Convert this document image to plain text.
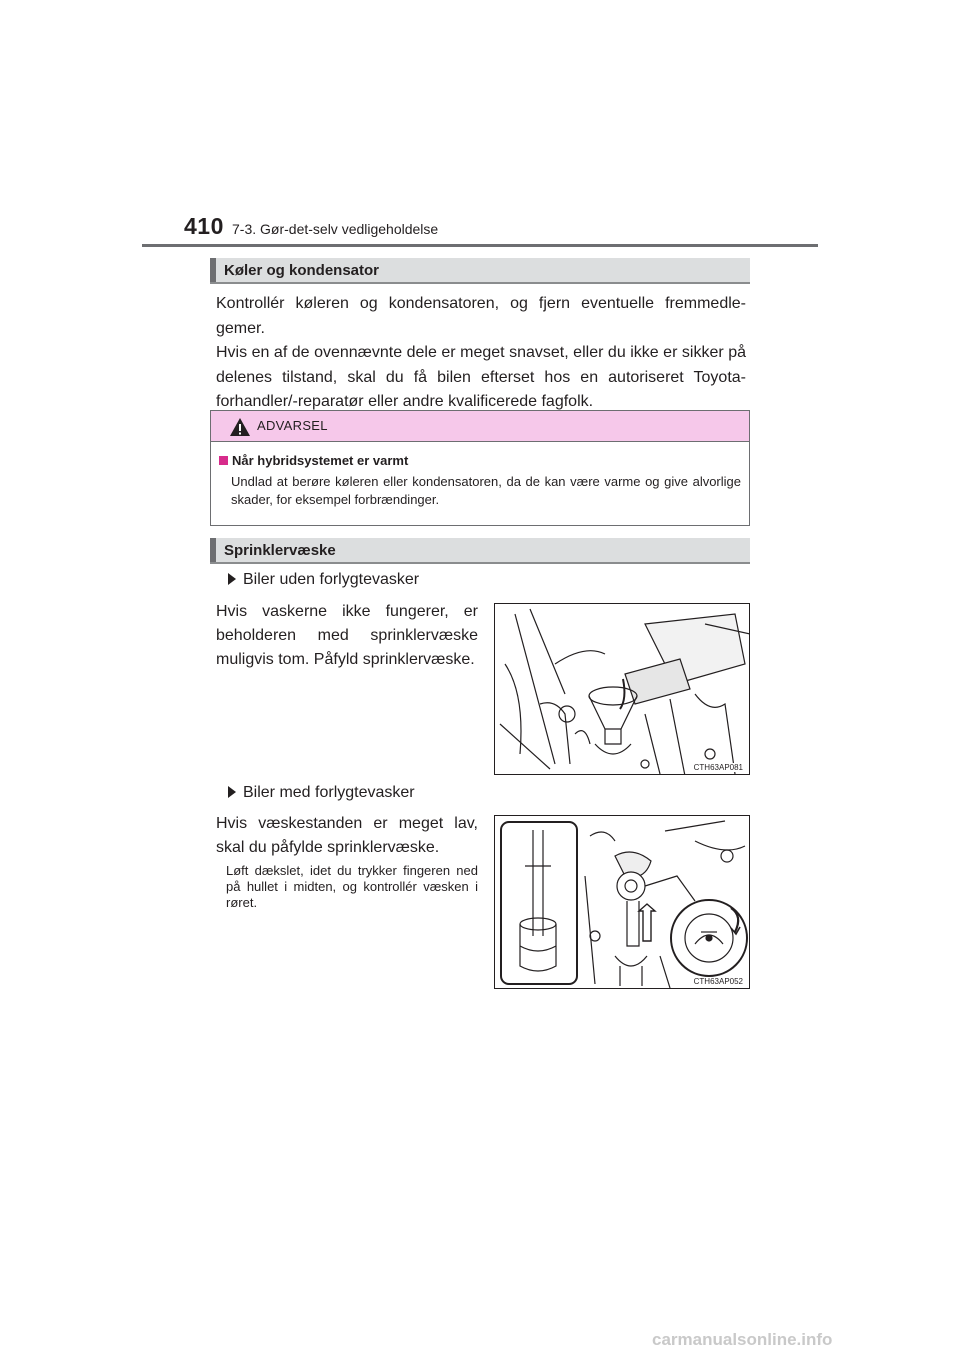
410 7-3. Gør-det-selv vedligeholdelse
Køler og kondensator

Kontrollér køleren og kondensatoren, og fjern eventuelle fremmedle-gemer.

Hvis en af de ovennævnte dele er meget snavset, eller du ikke er sikker på delenes tilstand, skal du få bilen efterset hos en autoriseret Toyota-forhandler/-reparatør eller andre kvalificerede fagfolk.

ADVARSEL
Når hybridsystemet er varmt

Undlad at berøre køleren eller kondensatoren, da de kan være varme og give alvorlige skader, for eksempel forbrændinger.

Sprinklervæske
Biler uden forlygtevasker

Hvis vaskerne ikke fungerer, er beholderen med sprinklervæske muligvis tom. Påfyld sprinklervæske.

CTH63AP081
Biler med forlygtevasker

Hvis væskestanden er meget lav, skal du påfylde sprinklervæske.

Løft dækslet, idet du trykker fingeren ned på hullet i midten, og kontrollér væsken i røret.

CTH63AP052
carmanualsonline.info
